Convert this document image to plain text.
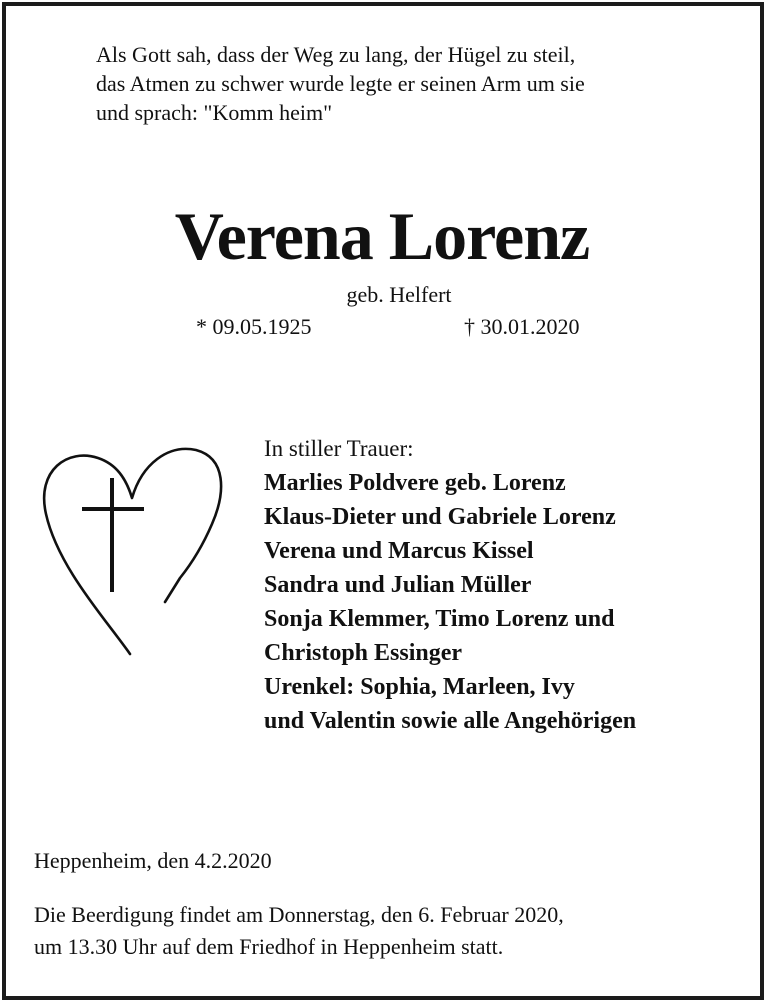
Als Gott sah, dass der Weg zu lang, der Hügel zu steil,
das Atmen zu schwer wurde legte er seinen Arm um sie
und sprach: "Komm heim"
Verena Lorenz
geb. Helfert
* 09.05.1925	† 30.01.2020
In stiller Trauer:
Marlies Poldvere geb. Lorenz
Klaus-Dieter und Gabriele Lorenz
Verena und Marcus Kissel
Sandra und Julian Müller
Sonja Klemmer, Timo Lorenz und
Christoph Essinger
Urenkel: Sophia, Marleen, Ivy
und Valentin sowie alle Angehörigen
Heppenheim, den 4.2.2020
Die Beerdigung findet am Donnerstag, den 6. Februar 2020,
um 13.30 Uhr auf dem Friedhof in Heppenheim statt.
